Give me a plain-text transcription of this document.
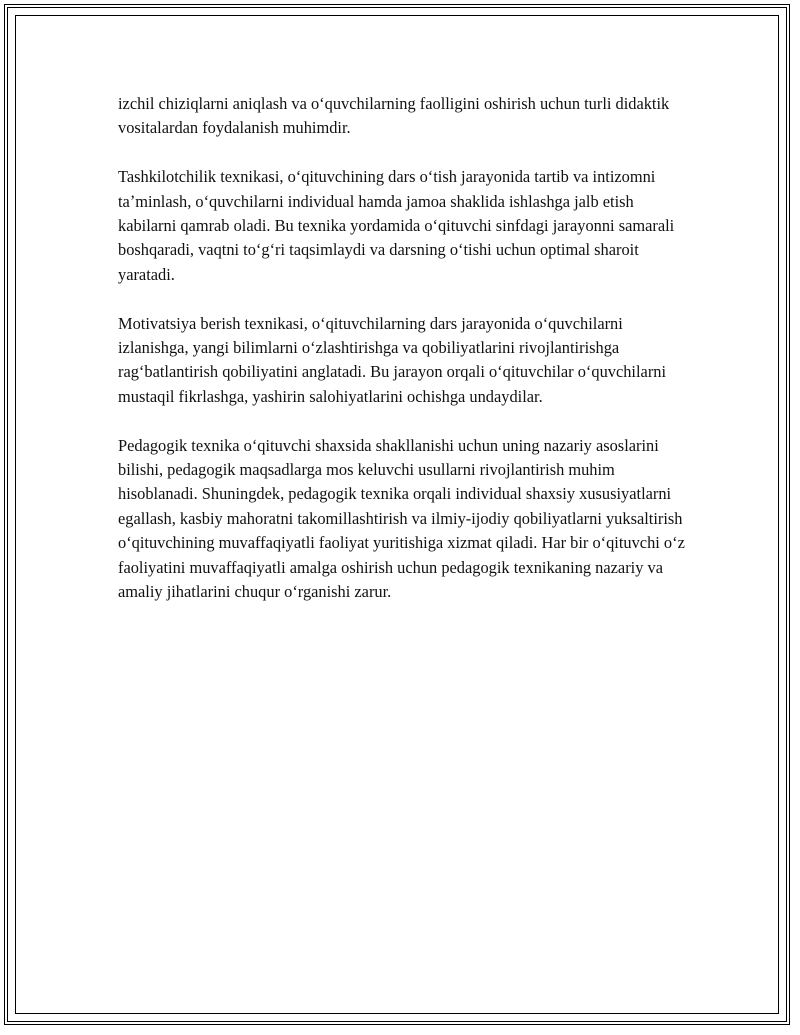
izchil chiziqlarni aniqlash va oʻquvchilarning faolligini oshirish uchun turli didaktik vositalardan foydalanish muhimdir.

Tashkilotchilik texnikasi, oʻqituvchining dars oʻtish jarayonida tartib va intizomni taʼminlash, oʻquvchilarni individual hamda jamoa shaklida ishlashga jalb etish kabilarni qamrab oladi. Bu texnika yordamida oʻqituvchi sinfdagi jarayonni samarali boshqaradi, vaqtni toʻgʻri taqsimlaydi va darsning oʻtishi uchun optimal sharoit yaratadi.

Motivatsiya berish texnikasi, oʻqituvchilarning dars jarayonida oʻquvchilarni izlanishga, yangi bilimlarni oʻzlashtirishga va qobiliyatlarini rivojlantirishga ragʻbatlantirish qobiliyatini anglatadi. Bu jarayon orqali oʻqituvchilar oʻquvchilarni mustaqil fikrlashga, yashirin salohiyatlarini ochishga undaydilar.

Pedagogik texnika oʻqituvchi shaxsida shakllanishi uchun uning nazariy asoslarini bilishi, pedagogik maqsadlarga mos keluvchi usullarni rivojlantirish muhim hisoblanadi. Shuningdek, pedagogik texnika orqali individual shaxsiy xususiyatlarni egallash, kasbiy mahoratni takomillashtirish va ilmiy-ijodiy qobiliyatlarni yuksaltirish oʻqituvchining muvaffaqiyatli faoliyat yuritishiga xizmat qiladi. Har bir oʻqituvchi oʻz faoliyatini muvaffaqiyatli amalga oshirish uchun pedagogik texnikaning nazariy va amaliy jihatlarini chuqur oʻrganishi zarur.
